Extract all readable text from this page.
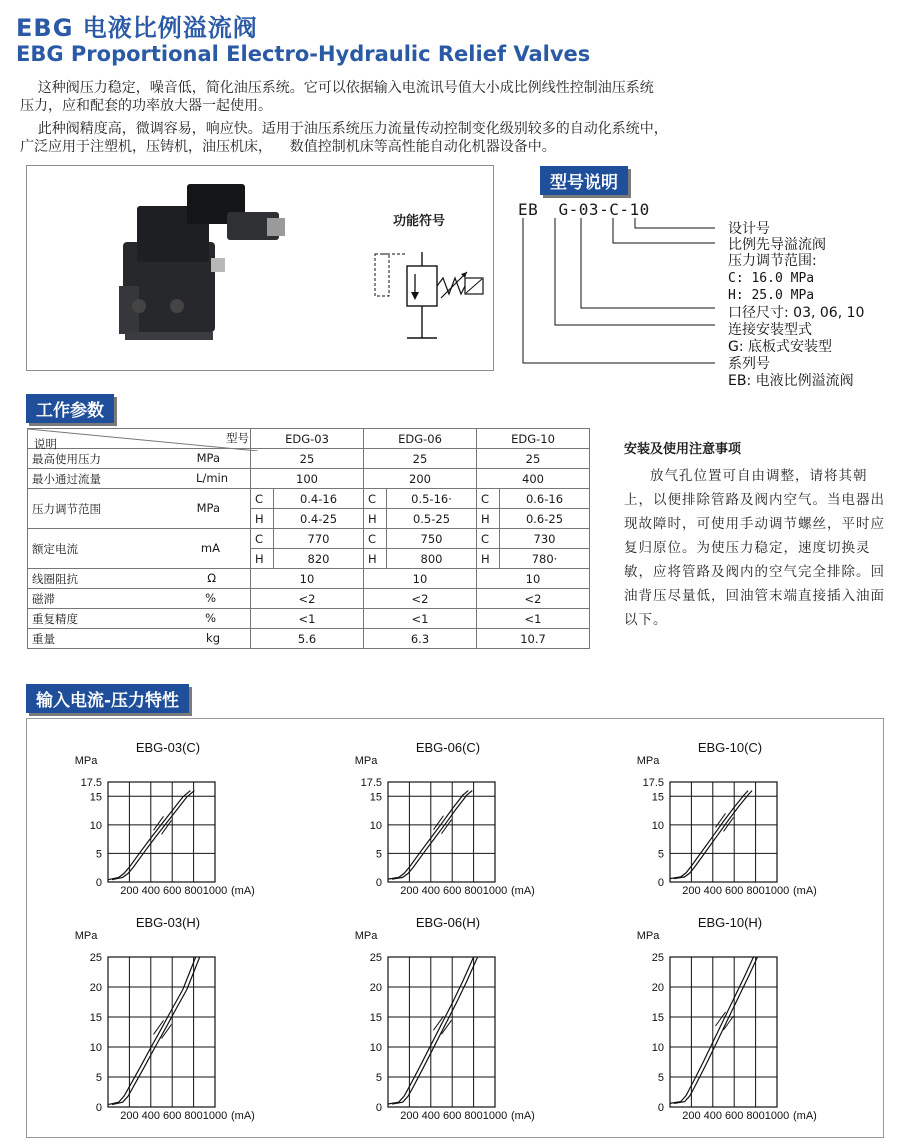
EBG 电液比例溢流阀
EBG Proportional Electro-Hydraulic Relief Valves
这种阀压力稳定，噪音低，简化油压系统。它可以依据输入电流讯号值大小成比例线性控制油压系统
压力，应和配套的功率放大器一起使用。
此种阀精度高，微调容易，响应快。适用于油压系统压力流量传动控制变化级别较多的自动化系统中，
广泛应用于注塑机，压铸机，油压机床，    数值控制机床等高性能自动化机器设备中。
功能符号
型号说明
EB  G-03-C-10
设计号
比例先导溢流阀
压力调节范围:
C: 16.0 MPa
H: 25.0 MPa
口径尺寸: 03, 06, 10
连接安装型式
G: 底板式安装型
系列号
EB: 电液比例溢流阀
工作参数
说明 型号	EDG-03		EDG-06		EDG-10	
最高使用压力 MPa	25		25		25	
最小通过流量 L/min	100		200		400	
压力调节范围 MPa	C	0.4-16	C	0.5-16·	C	0.6-16
	H	0.4-25	H	0.5-25	H	0.6-25
额定电流 mA	C	770	C	750	C	730
	H	820	H	800	H	780·
线圈阻抗 Ω	10		10		10	
磁滞 %	<2		<2		<2	
重复精度 %	<1		<1		<1	
重量 kg	5.6		6.3		10.7	
安装及使用注意事项
放气孔位置可自由调整，请将其朝上，以便排除管路及阀内空气。当电器出现故障时，可使用手动调节螺丝，平时应复归原位。为使压力稳定，速度切换灵敏，应将管路及阀内的空气完全排除。回油背压尽量低，回油管末端直接插入油面以下。
输入电流-压力特性
0
5
10
15
17.5
200 400 600 800 1000 (mA)
MPa
EBG-03(C)
0
5
10
15
17.5
200 400 600 800 1000 (mA)
MPa
EBG-06(C)
0
5
10
15
17.5
200 400 600 800 1000 (mA)
MPa
EBG-10(C)
0
5
10
15
20
25
200 400 600 800 1000 (mA)
MPa
EBG-03(H)
0
5
10
15
20
25
200 400 600 800 1000 (mA)
MPa
EBG-06(H)
0
5
10
15
20
25
200 400 600 800 1000 (mA)
MPa
EBG-10(H)
